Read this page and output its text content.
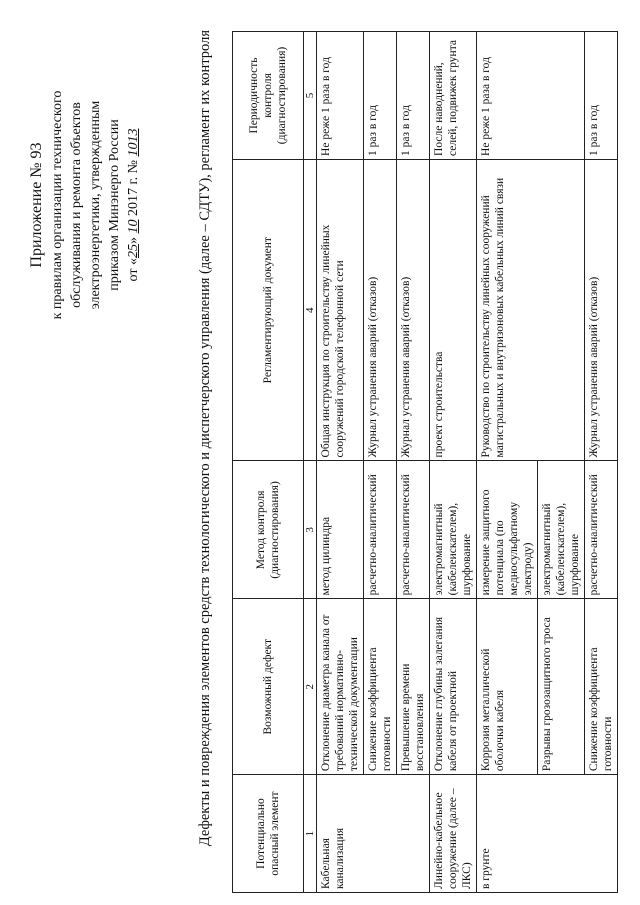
Приложение № 93 к правилам организации технического обслуживания и ремонта объектов электроэнергетики, утвержденным приказом Минэнерго России от «25» 10 2017 г. № 1013	Дефекты и повреждения элементов средств технологического и диспетчерского управления (далее – СДТУ), регламент их контроля	Потенциально опасный элемент	Возможный дефект	Метод контроля (диагностирования)	Регламентирующий документ	Периодичность контроля (диагностирования)
1	2	3	4	5
Кабельная канализация	Отклонение диаметра канала от требований нормативно-технической документации	метод цилиндра	Общая инструкция по строительству линейных сооружений городской телефонной сети	Не реже 1 раза в год
	Снижение коэффициента готовности	расчетно-аналитический	Журнал устранения аварий (отказов)	1 раз в год
	Превышение времени восстановления	расчетно-аналитический	Журнал устранения аварий (отказов)	1 раз в год
Линейно-кабельное сооружение (далее – ЛКС)	Отклонение глубины залегания кабеля от проектной	электромагнитный (кабелеискателем), шурфование	проект строительства	После наводнений, селей, подвижек грунта
в грунте	Коррозия металлической оболочки кабеля	измерение защитного потенциала (по медносульфатному электроду)	Руководство по строительству линейных сооружений магистральных и внутризоновых кабельных линий связи	Не реже 1 раза в год
	Разрывы грозозащитного троса	электромагнитный (кабелеискателем), шурфование		
	Снижение коэффициента готовности	расчетно-аналитический	Журнал устранения аварий (отказов)	1 раз в год
